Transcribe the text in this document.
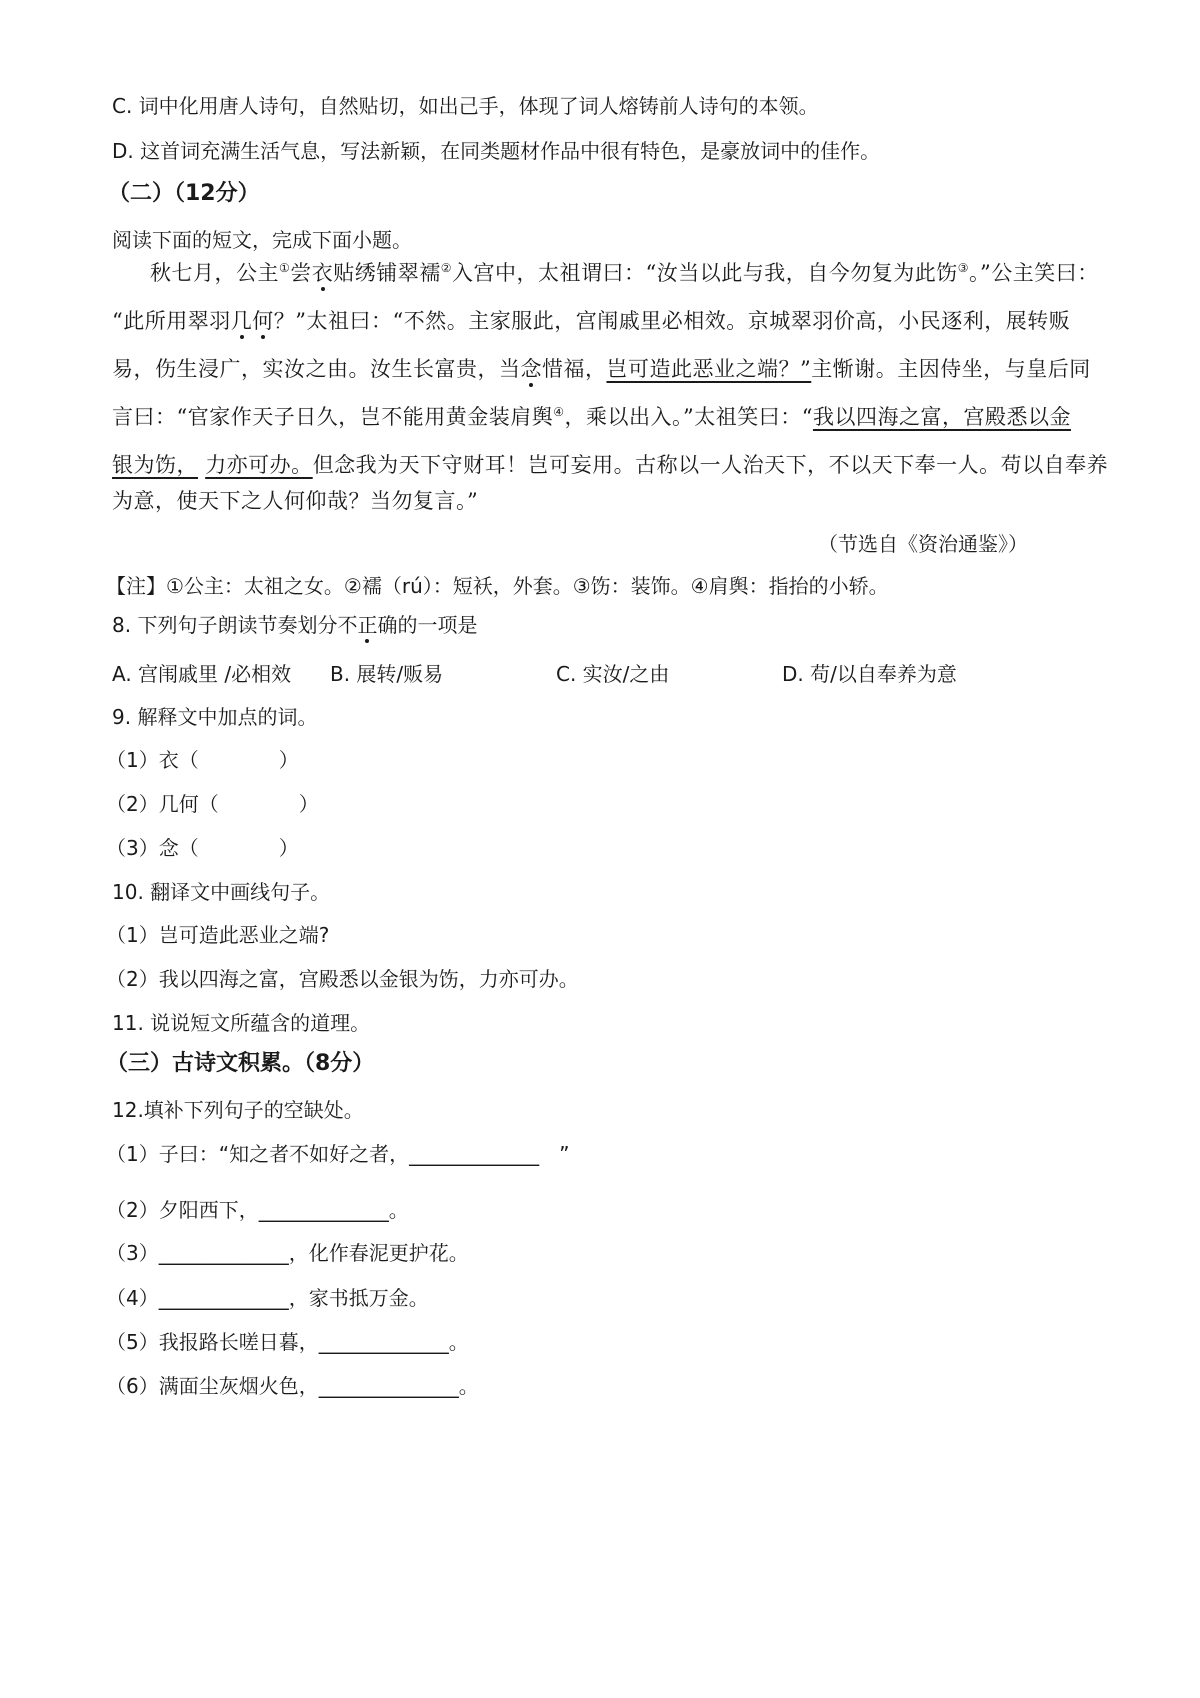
C. 词中化用唐人诗句，自然贴切，如出己手，体现了词人熔铸前人诗句的本领。
D. 这首词充满生活气息，写法新颖，在同类题材作品中很有特色，是豪放词中的佳作。
（二）（12分）
阅读下面的短文，完成下面小题。
秋七月，公主①尝衣贴绣铺翠襦②入宫中，太祖谓曰：“汝当以此与我，自今勿复为此饬③。”公主笑曰：
“此所用翠羽几何？”太祖曰：“不然。主家服此，宫闱戚里必相效。京城翠羽价高，小民逐利，展转贩
易，伤生浸广，实汝之由。汝生长富贵，当念惜福，岂可造此恶业之端？”主惭谢。主因侍坐，与皇后同
言曰：“官家作天子日久，岂不能用黄金装肩舆④，乘以出入。”太祖笑曰：“我以四海之富，宫殿悉以金
银为饬， 力亦可办。但念我为天下守财耳！岂可妄用。古称以一人治天下，不以天下奉一人。苟以自奉养
为意，使天下之人何仰哉？当勿复言。”
（节选自《资治通鉴》）
【注】①公主：太祖之女。②襦（rú）：短袄，外套。③饬：装饰。④肩舆：指抬的小轿。
8. 下列句子朗读节奏划分不正确的一项是
A. 宫闱戚里 /必相效 B. 展转/贩易	C. 实汝/之由	D. 苟/以自奉养为意
9. 解释文中加点的词。
（1）衣（　　　　）
（2）几何（　　　　）
（3）念（　　　　）
10. 翻译文中画线句子。
（1）岂可造此恶业之端?
（2）我以四海之富，宫殿悉以金银为饬，力亦可办。
11. 说说短文所蕴含的道理。
（三）古诗文积累。（8分）
12.填补下列句子的空缺处。
（1）子曰：“知之者不如好之者，_____________　”
（2）夕阳西下，_____________。
（3）_____________，化作春泥更护花。
（4）_____________，家书抵万金。
（5）我报路长嗟日暮，_____________。
（6）满面尘灰烟火色，______________。
